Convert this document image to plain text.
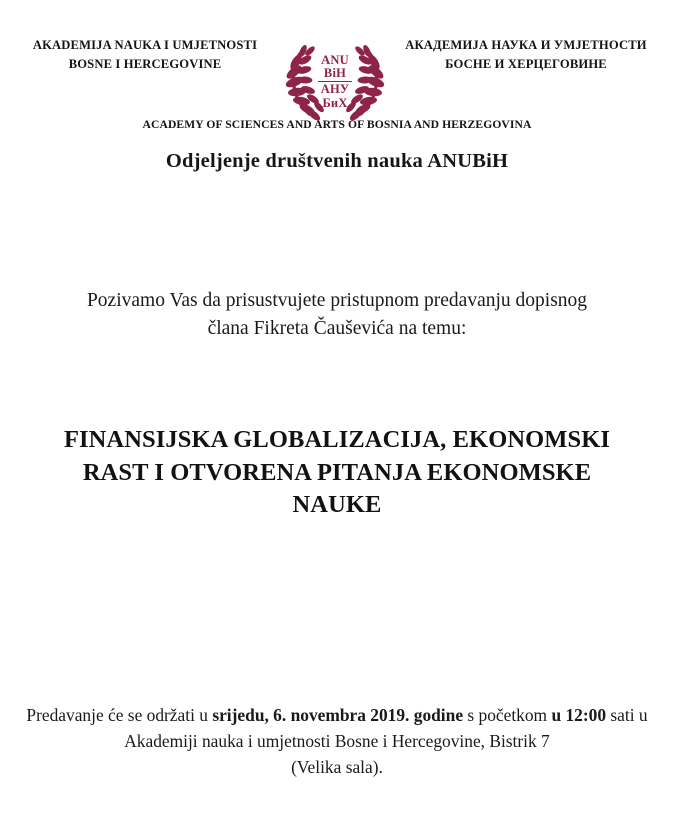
AKADEMIJA NAUKA I UMJETNOSTI
BOSNE I HERCEGOVINE
АКАДЕМИЈА НАУКА И УМЈЕТНОСТИ
БОСНЕ И ХЕРЦЕГОВИНЕ
ANU
BiH
АНУ
БиХ
ACADEMY OF SCIENCES AND ARTS OF BOSNIA AND HERZEGOVINA
Odjeljenje društvenih nauka ANUBiH
Pozivamo Vas da prisustvujete pristupnom predavanju dopisnog
člana Fikreta Čauševića na temu:
FINANSIJSKA GLOBALIZACIJA, EKONOMSKI
RAST I OTVORENA PITANJA EKONOMSKE
NAUKE
Predavanje će se održati u srijedu, 6. novembra 2019. godine s početkom u 12:00 sati u Akademiji nauka i umjetnosti Bosne i Hercegovine, Bistrik 7
(Velika sala).
